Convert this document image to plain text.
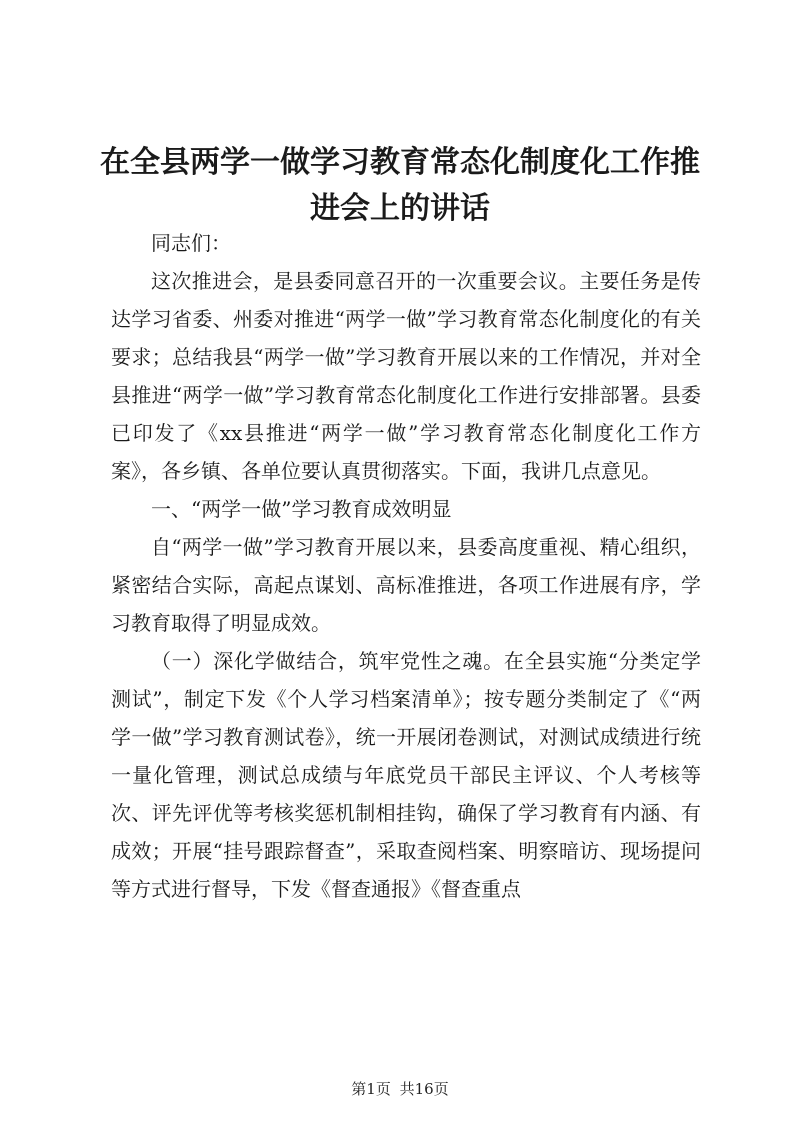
在全县两学一做学习教育常态化制度化工作推进会上的讲话

同志们：

这次推进会，是县委同意召开的一次重要会议。主要任务是传达学习省委、州委对推进“两学一做”学习教育常态化制度化的有关要求；总结我县“两学一做”学习教育开展以来的工作情况，并对全县推进“两学一做”学习教育常态化制度化工作进行安排部署。县委已印发了《xx县推进“两学一做”学习教育常态化制度化工作方案》，各乡镇、各单位要认真贯彻落实。下面，我讲几点意见。

一、“两学一做”学习教育成效明显

自“两学一做”学习教育开展以来，县委高度重视、精心组织，紧密结合实际，高起点谋划、高标准推进，各项工作进展有序，学习教育取得了明显成效。

（一）深化学做结合，筑牢党性之魂。在全县实施“分类定学测试”，制定下发《个人学习档案清单》；按专题分类制定了《“两学一做”学习教育测试卷》，统一开展闭卷测试，对测试成绩进行统一量化管理，测试总成绩与年底党员干部民主评议、个人考核等次、评先评优等考核奖惩机制相挂钩，确保了学习教育有内涵、有成效；开展“挂号跟踪督查”，采取查阅档案、明察暗访、现场提问等方式进行督导，下发《督查通报》《督查重点

第1页 共16页
